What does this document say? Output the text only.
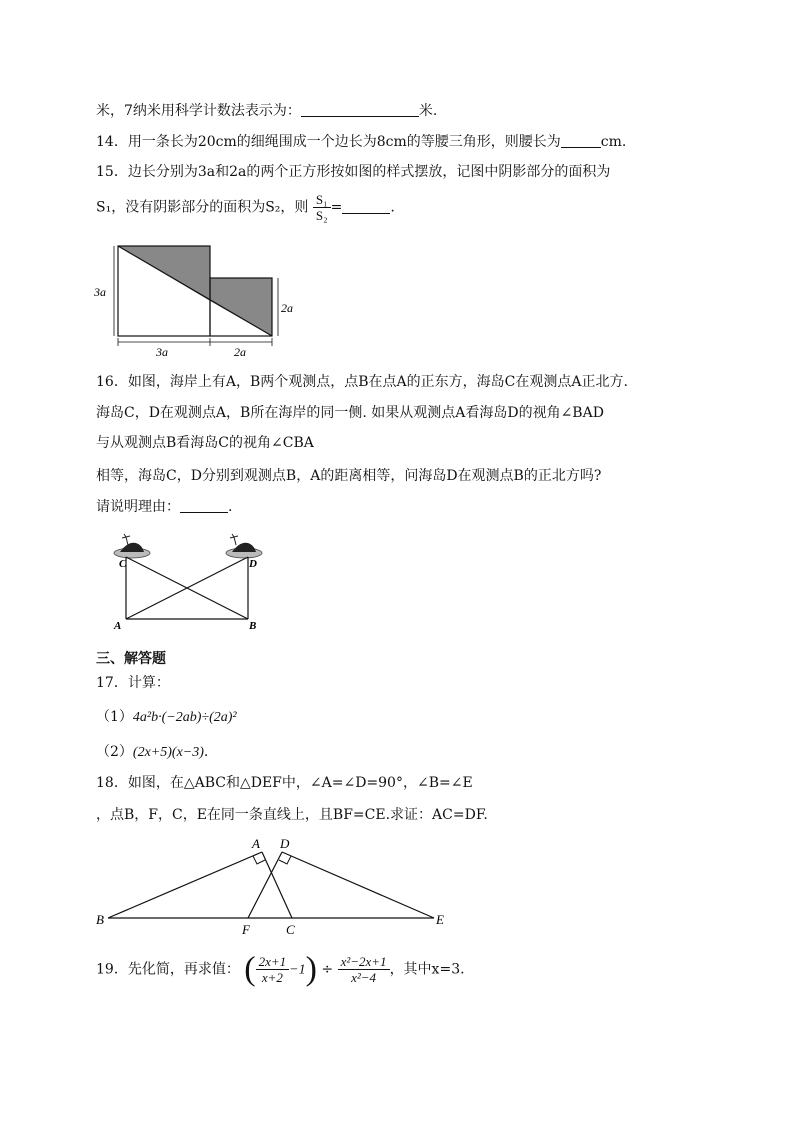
米，7纳米用科学计数法表示为：	米.
14．用一条长为20cm的细绳围成一个边长为8cm的等腰三角形，则腰长为	cm.
15．边长分别为3a和2a的两个正方形按如图的样式摆放，记图中阴影部分的面积为
S₁，没有阴影部分的面积为S₂，则 $\frac{\text{S₁}}{\text{S₂}}$ =	.
3a
2a
3a	2a
16．如图，海岸上有A，B两个观测点，点B在点A的正东方，海岛C在观测点A正北方.
海岛C，D在观测点A，B所在海岸的同一侧. 如果从观测点A看海岛D的视角∠BAD
与从观测点B看海岛C的视角∠CBA
相等，海岛C，D分别到观测点B，A的距离相等，问海岛D在观测点B的正北方吗?
请说明理由：	.
C	D
A	B
三、解答题
17．计算：
（1）4a²b·(−2ab)÷(2a)²
（2）(2x+5)(x−3).
18．如图，在△ABC和△DEF中，∠A=∠D=90°，∠B=∠E
，点B，F，C，E在同一条直线上，且BF=CE.求证：AC=DF.
A D
B
F	C
E
19．先化简，再求值： ( $\frac{2x+1}{x+2} -1) \div \frac{\text{x²−2x+1}}{\text{x²−4}}$ ，其中x=3.
